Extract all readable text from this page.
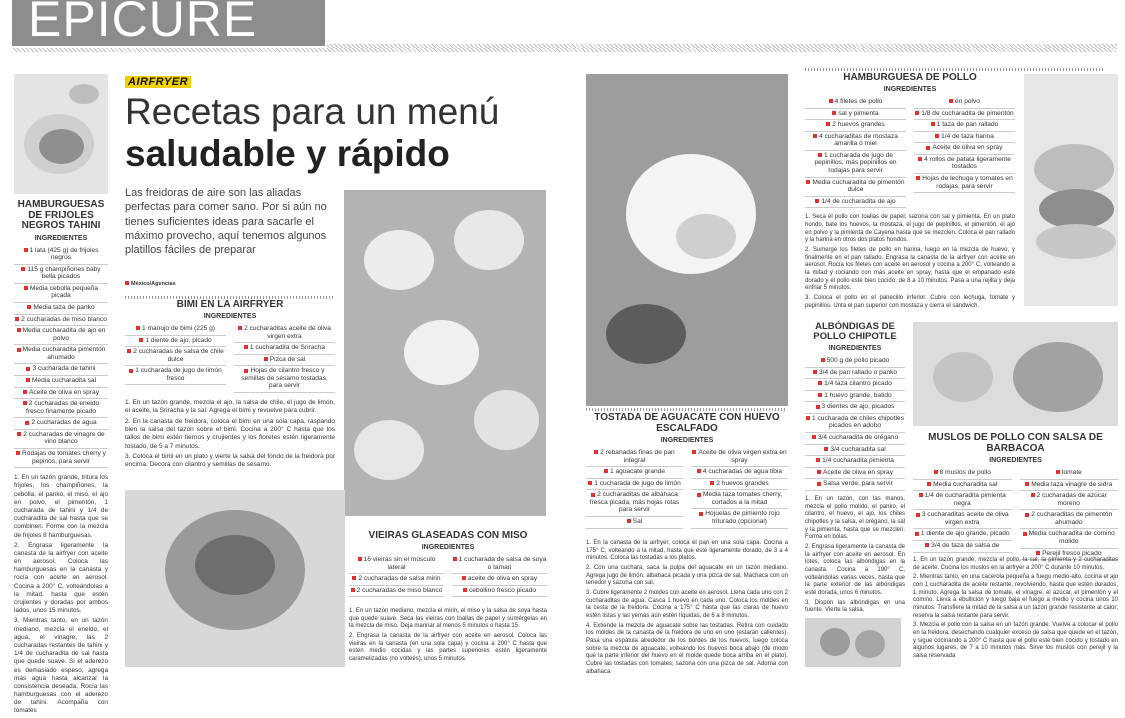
EPICURE
HAMBURGUESAS DE FRIJOLES NEGROS TAHINI
INGREDIENTES
1 lata (425 g) de frijoles negros
115 g champiñones baby bella picados
Media cebolla pequeña picada
Media taza de panko
2 cucharadas de miso blanco
Media cucharadita de ajo en polvo
Media cucharadita pimentón ahumado
3 cucharada de tahini
Media cucharadita sal
Aceite de oliva en spray
2 cucharadas de eneldo fresco finamente picado
2 cucharadas de agua
2 cucharadas de vinagre de vino blanco
Rodajas de tomates cherry y pepinos, para servir

1. En un tazón grande, tritura los frijoles, los champiñones, la cebolla, el panko, el miso, el ajo en polvo, el pimentón, 1 cucharada de tahini y 1/4 de cucharadita de sal hasta que se combinen. Forme con la mezcla de frijoles 8 hamburguesas.

2. Engrasa ligeramente la canasta de la airfryer con aceite en aerosol. Coloca las hamburguesas en la canasta y rocía con aceite en aerosol. Cocina a 200° C, volteándolas a la mitad, hasta que estén crujientes y doradas por ambos lados, unos 15 minutos.

3. Mientras tanto, en un tazón mediano, mezcla el eneldo, el agua, el vinagre, las 2 cucharadas restantes de tahini y 1/4 de cucharadita de sal hasta que quede suave. Si el aderezo es demasiado espeso, agrega más agua hasta alcanzar la consistencia deseada. Rocía las hamburguesas con el aderezo de tahini. Acompaña con tomates

AIRFRYER
Recetas para un menú
saludable y rápido
Las freidoras de aire son las aliadas perfectas para comer sano. Por si aún no tienes suficientes ideas para sacarle el máximo provecho, aquí tenemos algunos platillos fáciles de preparar
México/Agencias
BIMI EN LA AIRFRYER
INGREDIENTES
1 manojo de bimi (225 g)
1 diente de ajo, picado
2 cucharadas de salsa de chile dulce
1 cucharada de jugo de limón fresco
2 cucharaditas aceite de oliva virgen extra
1 cucharadita de Sriracha
Pizca de sal
Hojas de cilantro fresco y semillas de sésamo tostadas, para servir

1. En un tazón grande, mezcla el ajo, la salsa de chile, el jugo de limón, el aceite, la Sriracha y la sal. Agrega el bimi y revuelve para cubrir.

2. En la canasta de freidora, coloca el bimi en una sola capa, raspando bien la salsa del tazón sobre el bimi. Cocina a 200° C hasta que los tallos de bimi estén tiernos y crujientes y los floretes estén ligeramente tostado, de 5 a 7 minutos.

3. Coloca el bimi en un plato y vierte la salsa del fondo de la freidora por encima. Decora con cilantro y semillas de sésamo.

VIEIRAS GLASEADAS CON MISO
INGREDIENTES
16 vieiras sin el músculo lateral
2 cucharadas de salsa mirin
2 cucharadas de miso blanco
1 cucharada de salsa de soya o tamari
aceite de oliva en spray
cebollino fresco picado

1. En un tazón mediano, mezcla el mirin, el miso y la salsa de soya hasta que quede suave. Seca las vieiras con toallas de papel y sumérgelas en la mezcla de miso. Deja marinar al menos 5 minutos o hasta 15.

2. Engrasa la canasta de la airfryer con aceite en aerosol. Coloca las vieiras en la canasta (en una sola capa) y cocina a 200° C hasta que estén medio cocidas y las partes superiores estén ligeramente caramelizadas (no volteés), unos 5 minutos.

TOSTADA DE AGUACATE CON HUEVO ESCALFADO
INGREDIENTES
2 rebanadas finas de pan integral
1 aguacate grande
1 cucharada de jugo de limón
2 cucharaditas de albahaca fresca picada, más hojas rotas para servir
Sal
Aceite de oliva virgen extra en spray
4 cucharadas de agua tibia
2 huevos grandes
Media taza tomates cherry, cortados a la mitad
Hojuelas de pimiento rojo triturado (opcional)

1. En la canasta de la airfryer, coloca el pan en una sola capa. Cocina a 175° C, volteando a la mitad, hasta que esté ligeramente dorado, de 3 a 4 minutos. Coloca las tostadas a los platos.

2. Con una cuchara, saca la pulpa del aguacate en un tazón mediano. Agrega jugo de limón, albahaca picada y una pizca de sal. Machaca con un tenedor y sazona con sal.

3. Cubre ligeramente 2 moldes con aceite en aerosol. Llena cada uno con 2 cucharaditas de agua. Casca 1 huevo en cada uno. Coloca los moldes en la cesta de la freidora. Cocina a 175° C hasta que las claras de huevo estén listas y las yemas aún estén líquidas, de 6 a 8 minutos.

4. Extiende la mezcla de aguacate sobre las tostadas. Retira con cuidado los moldes de la canasta de la freidora de uno en uno (estarán calientes). Pasa una espátula alrededor de los bordes de los huevos, luego coloca sobre la mezcla de aguacate, volteando los huevos boca abajo (de modo que la parte inferior del huevo en el molde quede boca arriba en el plato). Cubre las tostadas con tomates; sazona con una pizca de sal. Adorna con albahaca

HAMBURGUESA DE POLLO
INGREDIENTES
4 filetes de pollo
sal y pimienta
2 huevos grandes
4 cucharaditas de mostaza amarilla o miel
1 cucharada de jugo de pepinillos, más pepinillos en rodajas para servir
Media cucharadita de pimentón dulce
1/4 de cucharadita de ajo
en polvo
1/8 de cucharadita de pimentón
1 taza de pan rallado
1/4 de taza harina
Aceite de oliva en spray
4 rollos de patata ligeramente tostados
Hojas de lechuga y tomates en rodajas, para servir

1. Seca el pollo con toallas de papel; sazona con sal y pimienta. En un plato hondo, bate los huevos, la mostaza, el jugo de pepinillos, el pimentón, el ajo en polvo y la pimienta de Cayena hasta que se mezclen. Coloca el pan rallado y la harina en otros dos platos hondos.

2. Sumerge los filetes de pollo en harina, luego en la mezcla de huevo, y finalmente en el pan rallado. Engrasa la canasta de la airfryer con aceite en aerosol. Rocía los filetes con aceite en aerosol y cocina a 200° C, volteando a la mitad y rociando con más aceite en spray, hasta que el empanado esté dorado y el pollo esté bien cocido, de 8 a 10 minutos. Pasa a una rejilla y deja enfriar 5 minutos.

3. Coloca el pollo en el panecillo inferior. Cubre con lechuga, tomate y pepinillos. Unta el pan superior con mostaza y cierra el sándwich.

ALBÓNDIGAS DE POLLO CHIPOTLE
INGREDIENTES
500 g de pollo picado
3/4 de pan rallado o panko
1/4 taza cilantro picado
1 huevo grande, batido
3 dientes de ajo, picados
1 cucharada de chiles chipotles picados en adobo
3/4 cucharadita de orégano
3/4 cucharadita sal
1/4 cucharadita pimienta
Aceite de oliva en spray
Salsa verde, para servir

1. En un tazón, con las manos, mezcla el pollo molido, el panko, el cilantro, el huevo, el ajo, los chiles chipotles y la salsa, el orégano, la sal y la pimienta, hasta que se mezclen. Forma en bolas.

2. Engrasa ligeramente la canasta de la airfryer con aceite en aerosol. En lotes, coloca las albóndigas en la canasta. Cocina a 190° C, volteándolas varias veces, hasta que la parte exterior de las albóndigas esté dorada, unos 6 minutos.

3. Dispón las albóndigas en una fuente. Vierte la salsa.

MUSLOS DE POLLO CON SALSA DE BARBACOA
INGREDIENTES
8 muslos de pollo
Media cucharadita sal
1/4 de cucharadita pimienta negra
3 cucharaditas aceite de oliva virgen extra
1 diente de ajo grande, picado
3/4 de taza de salsa de
tomate
Media taza vinagre de sidra
2 cucharadas de azúcar moreno
2 cucharaditas de pimentón ahumado
Media cucharadita de comino molido
Perejil fresco picado

1. En un tazón grande, mezcla el pollo, la sal, la pimienta y 2 cucharaditas de aceite. Cocina los muslos en la airfryer a 200° C durante 10 minutos.

2. Mientras tanto, en una cacerola pequeña a fuego medio-alto, cocina el ajo con 1 cucharadita de aceite restante, revolviendo, hasta que estén dorados, 1 minuto. Agrega la salsa de tomate, el vinagre, el azúcar, el pimentón y el comino. Lleva a ebullición y luego baja el fuego a medio y cocina unos 10 minutos. Transfiere la mitad de la salsa a un tazón grande resistente al calor; reserva la salsa restante para servir.

3. Mezcla el pollo con la salsa en un tazón grande. Vuelve a colocar el pollo en la freidora, desechando cualquier exceso de salsa que quede en el tazón, y sigue cocinando a 200° C hasta que el pollo esté bien cocido y tostado en algunos lugares, de 7 a 10 minutos más. Sirve los muslos con perejil y la salsa reservada
